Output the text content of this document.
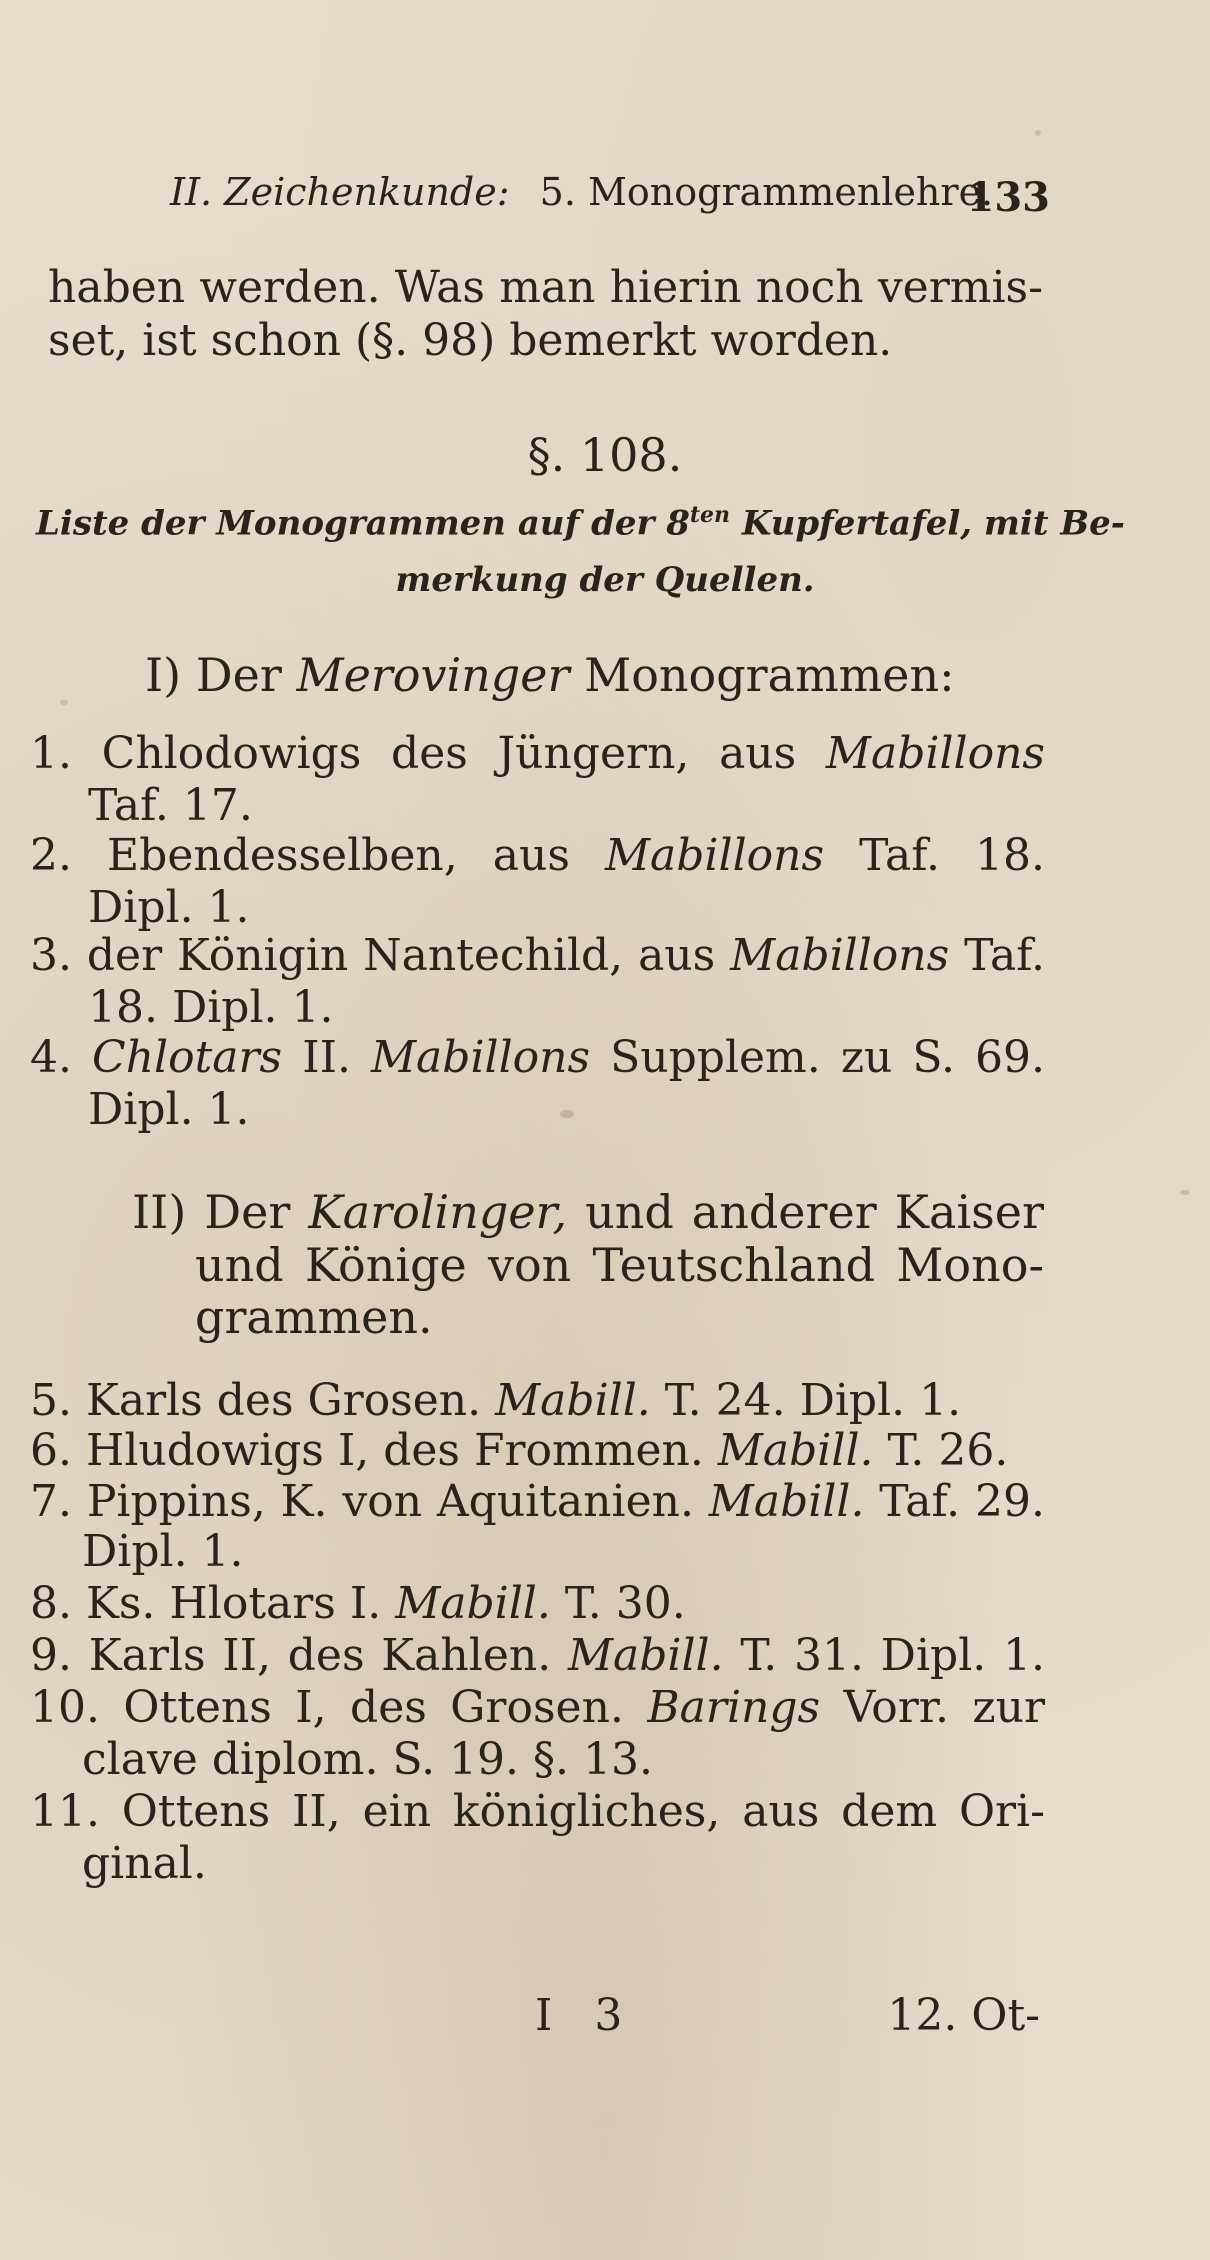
II. Zeichenkunde: 5. Monogrammenlehre.
133
haben werden. Was man hierin noch vermis-
set, ist schon (§. 98) bemerkt worden.
§. 108.
Liste der Monogrammen auf der $8^{ten}$ Kupfertafel, mit Be-
merkung der Quellen.
I) Der Merovinger Monogrammen:
1. Chlodowigs des Jüngern, aus Mabillons
Taf. 17.
2. Ebendesselben, aus Mabillons Taf. 18.
Dipl. 1.
3. der Königin Nantechild, aus Mabillons Taf.
18. Dipl. 1.
4. Chlotars II. Mabillons Supplem. zu S. 69.
Dipl. 1.
II) Der Karolinger, und anderer Kaiser
und Könige von Teutschland Mono-
grammen.
5. Karls des Grosen. Mabill. T. 24. Dipl. 1.
6. Hludowigs I, des Frommen. Mabill. T. 26.
7. Pippins, K. von Aquitanien. Mabill. Taf. 29.
Dipl. 1.
8. Ks. Hlotars I. Mabill. T. 30.
9. Karls II, des Kahlen. Mabill. T. 31. Dipl. 1.
10. Ottens I, des Grosen. Barings Vorr. zur
clave diplom. S. 19. §. 13.
11. Ottens II, ein königliches, aus dem Ori-
ginal.
I 3	12. Ot-
